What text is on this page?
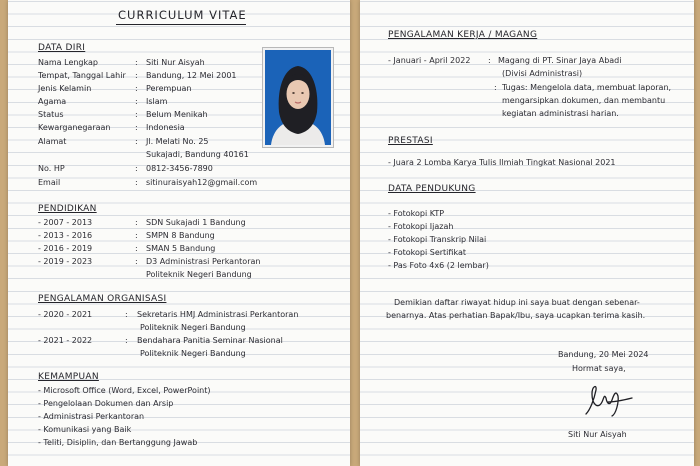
CURRICULUM VITAE
DATA DIRI
Nama Lengkap	: Siti Nur Aisyah
Tempat, Tanggal Lahir : Bandung, 12 Mei 2001
Jenis Kelamin	: Perempuan
Agama	: Islam
Status	: Belum Menikah
Kewarganegaraan	: Indonesia
Alamat	: Jl. Melati No. 25
Sukajadi, Bandung 40161
No. HP	: 0812-3456-7890
Email	: sitinuraisyah12@gmail.com
PENDIDIKAN
- 2007 - 2013	: SDN Sukajadi 1 Bandung
- 2013 - 2016	: SMPN 8 Bandung
- 2016 - 2019	: SMAN 5 Bandung
- 2019 - 2023	: D3 Administrasi Perkantoran
Politeknik Negeri Bandung
PENGALAMAN ORGANISASI
- 2020 - 2021	: Sekretaris HMJ Administrasi Perkantoran
Politeknik Negeri Bandung
- 2021 - 2022	: Bendahara Panitia Seminar Nasional
Politeknik Negeri Bandung
KEMAMPUAN
- Microsoft Office (Word, Excel, PowerPoint)
- Pengelolaan Dokumen dan Arsip
- Administrasi Perkantoran
- Komunikasi yang Baik
- Teliti, Disiplin, dan Bertanggung Jawab
PENGALAMAN KERJA / MAGANG
- Januari - April 2022 : Magang di PT. Sinar Jaya Abadi
(Divisi Administrasi)
: Tugas: Mengelola data, membuat laporan,
mengarsipkan dokumen, dan membantu
kegiatan administrasi harian.
PRESTASI
- Juara 2 Lomba Karya Tulis Ilmiah Tingkat Nasional 2021
DATA PENDUKUNG
- Fotokopi KTP
- Fotokopi Ijazah
- Fotokopi Transkrip Nilai
- Fotokopi Sertifikat
- Pas Foto 4x6 (2 lembar)
Demikian daftar riwayat hidup ini saya buat dengan sebenar-
benarnya. Atas perhatian Bapak/Ibu, saya ucapkan terima kasih.
Bandung, 20 Mei 2024
Hormat saya,
Siti Nur Aisyah
